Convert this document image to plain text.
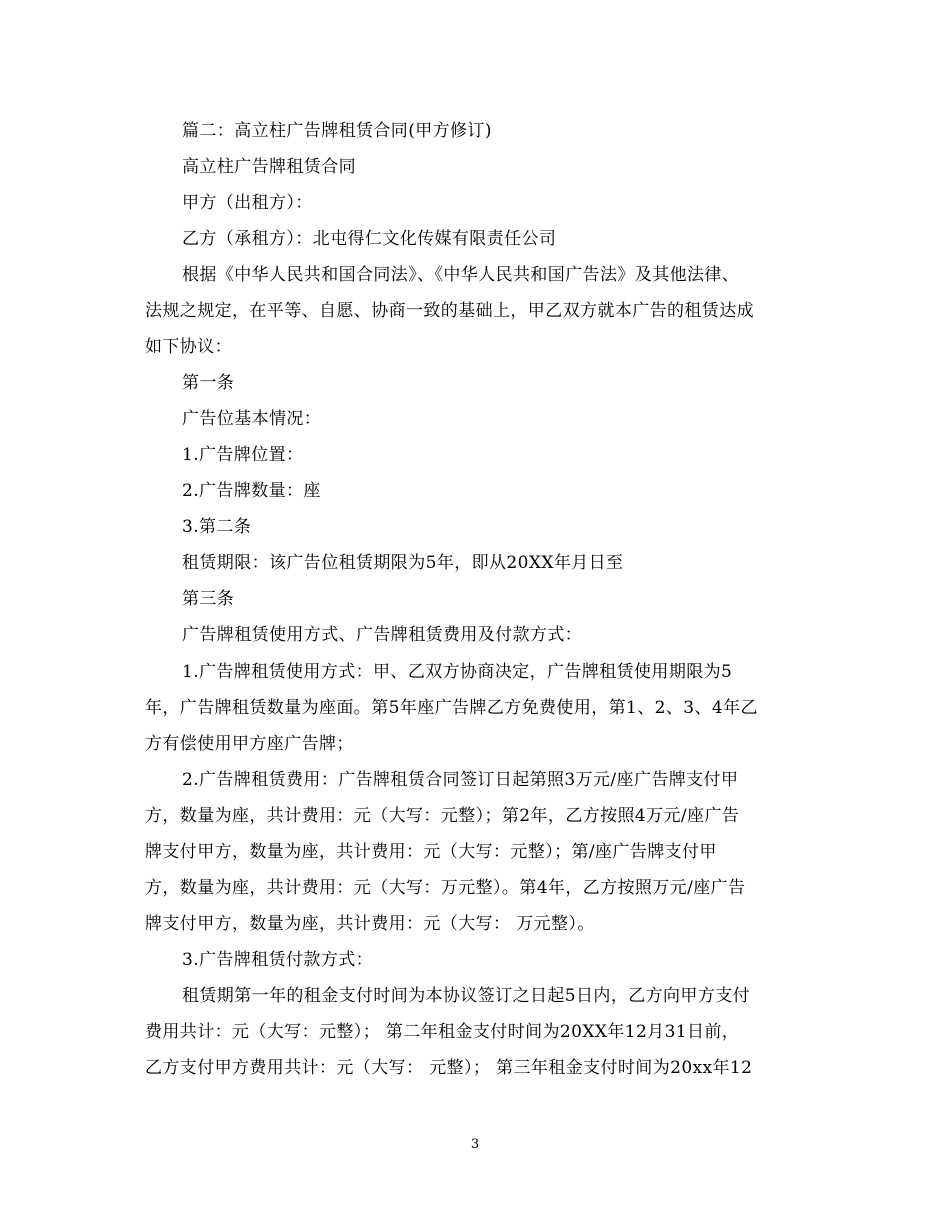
篇二：高立柱广告牌租赁合同(甲方修订)
高立柱广告牌租赁合同
甲方（出租方）：
乙方（承租方）：北屯得仁文化传媒有限责任公司
根据《中华人民共和国合同法》、《中华人民共和国广告法》及其他法律、
法规之规定，在平等、自愿、协商一致的基础上，甲乙双方就本广告的租赁达成
如下协议：
第一条
广告位基本情况：
1.广告牌位置：
2.广告牌数量：座
3.第二条
租赁期限：该广告位租赁期限为5年，即从20XX年月日至
第三条
广告牌租赁使用方式、广告牌租赁费用及付款方式：
1.广告牌租赁使用方式：甲、乙双方协商决定，广告牌租赁使用期限为5
年，广告牌租赁数量为座面。第5年座广告牌乙方免费使用，第1、2、3、4年乙
方有偿使用甲方座广告牌；
2.广告牌租赁费用：广告牌租赁合同签订日起第照3万元/座广告牌支付甲
方，数量为座，共计费用：元（大写：元整）；第2年，乙方按照4万元/座广告
牌支付甲方，数量为座，共计费用：元（大写：元整）；第/座广告牌支付甲
方，数量为座，共计费用：元（大写：万元整）。第4年，乙方按照万元/座广告
牌支付甲方，数量为座，共计费用：元（大写： 万元整）。
3.广告牌租赁付款方式：
租赁期第一年的租金支付时间为本协议签订之日起5日内，乙方向甲方支付
费用共计：元（大写：元整）； 第二年租金支付时间为20XX年12月31日前，
乙方支付甲方费用共计：元（大写： 元整）； 第三年租金支付时间为20xx年12
3
